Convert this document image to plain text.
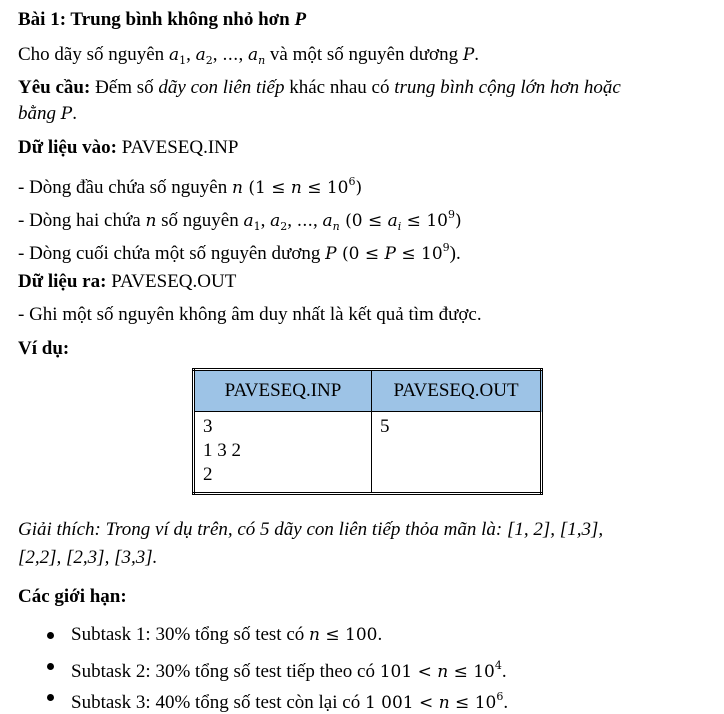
Bài 1: Trung bình không nhỏ hơn P
Cho dãy số nguyên $a_1$, $a_2$, ..., $a_n$ và một số nguyên dương P.
Yêu cầu: Đếm số dãy con liên tiếp khác nhau có trung bình cộng lớn hơn hoặc
bằng P.
Dữ liệu vào: PAVESEQ.INP
- Dòng đầu chứa số nguyên n $(1 \le n \le 10^6)$
- Dòng hai chứa n số nguyên $a_1$, $a_2$, ..., $a_n$ $(0 \le a_i \le 10^9)$
- Dòng cuối chứa một số nguyên dương P $(0 \le P \le 10^9)$.
Dữ liệu ra: PAVESEQ.OUT
- Ghi một số nguyên không âm duy nhất là kết quả tìm được.
Ví dụ:
PAVESEQ.INP	PAVESEQ.OUT

3
1 3 2
2	5
Giải thích: Trong ví dụ trên, có 5 dãy con liên tiếp thỏa mãn là: [1, 2], [1,3],
[2,2], [2,3], [3,3].
Các giới hạn:
Subtask 1: 30% tổng số test có n ≤ 100.
Subtask 2: 30% tổng số test tiếp theo có $101 < n \le 10^4$.
Subtask 3: 40% tổng số test còn lại có 1 $001 < n \le 10^6$.
